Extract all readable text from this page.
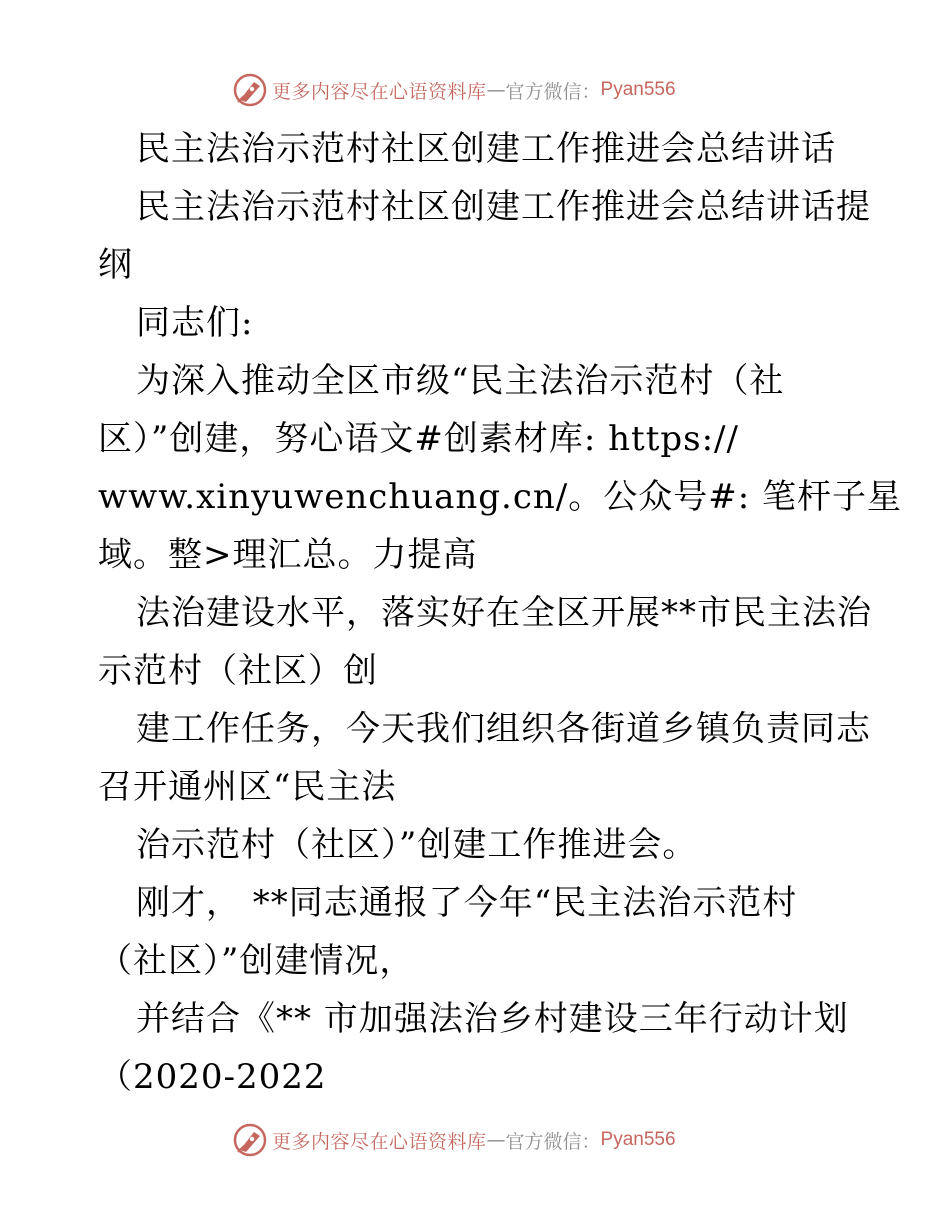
更多内容尽在心语资料库 — 官方微信： Pyan556
民主法治示范村社区创建工作推进会总结讲话
民主法治示范村社区创建工作推进会总结讲话提
纲
同志们:
为深入推动全区市级“民主法治示范村（社
区）”创建，努心语文#创素材库: https://
www.xinyuwenchuang.cn/。公众号#: 笔杆子星
域。整>理汇总。力提高
法治建设水平，落实好在全区开展**市民主法治
示范村（社区）创
建工作任务，今天我们组织各街道乡镇负责同志
召开通州区“民主法
治示范村（社区）”创建工作推进会。
刚才， **同志通报了今年“民主法治示范村
（社区）”创建情况，
并结合《** 市加强法治乡村建设三年行动计划
（2020-2022
更多内容尽在心语资料库 — 官方微信： Pyan556
